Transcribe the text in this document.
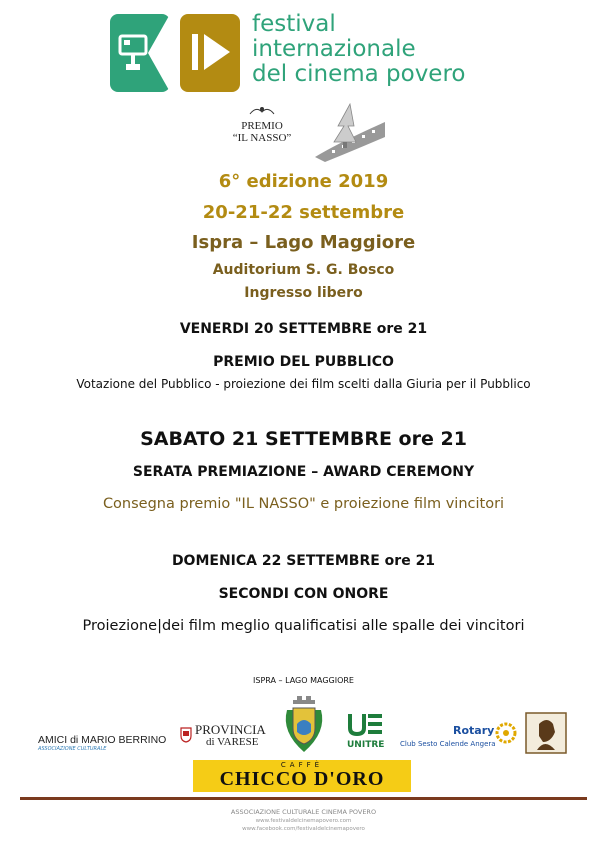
festival
internazionale
del cinema povero
PREMIO
“IL NASSO”
6° edizione 2019
20-21-22 settembre
Ispra – Lago Maggiore
Auditorium S. G. Bosco
Ingresso libero
VENERDI 20 SETTEMBRE ore 21
PREMIO DEL PUBBLICO
Votazione del Pubblico - proiezione dei film scelti dalla Giuria per il Pubblico
SABATO 21 SETTEMBRE ore 21
SERATA PREMIAZIONE – AWARD CEREMONY
Consegna premio "IL NASSO" e proiezione film vincitori
DOMENICA 22 SETTEMBRE ore 21
SECONDI CON ONORE
Proiezione|dei film meglio qualificatisi alle spalle dei vincitori
ISPRA – LAGO MAGGIORE
AMICI di MARIO BERRINO
ASSOCIAZIONE CULTURALE
PROVINCIA
di VARESE	UNITRE
Rotary
Club Sesto Calende Angera
CAFFÈ
CHICCO D'ORO
ASSOCIAZIONE CULTURALE CINEMA POVERO
www.festivaldelcinemapovero.com
www.facebook.com/festivaldelcinemapovero
